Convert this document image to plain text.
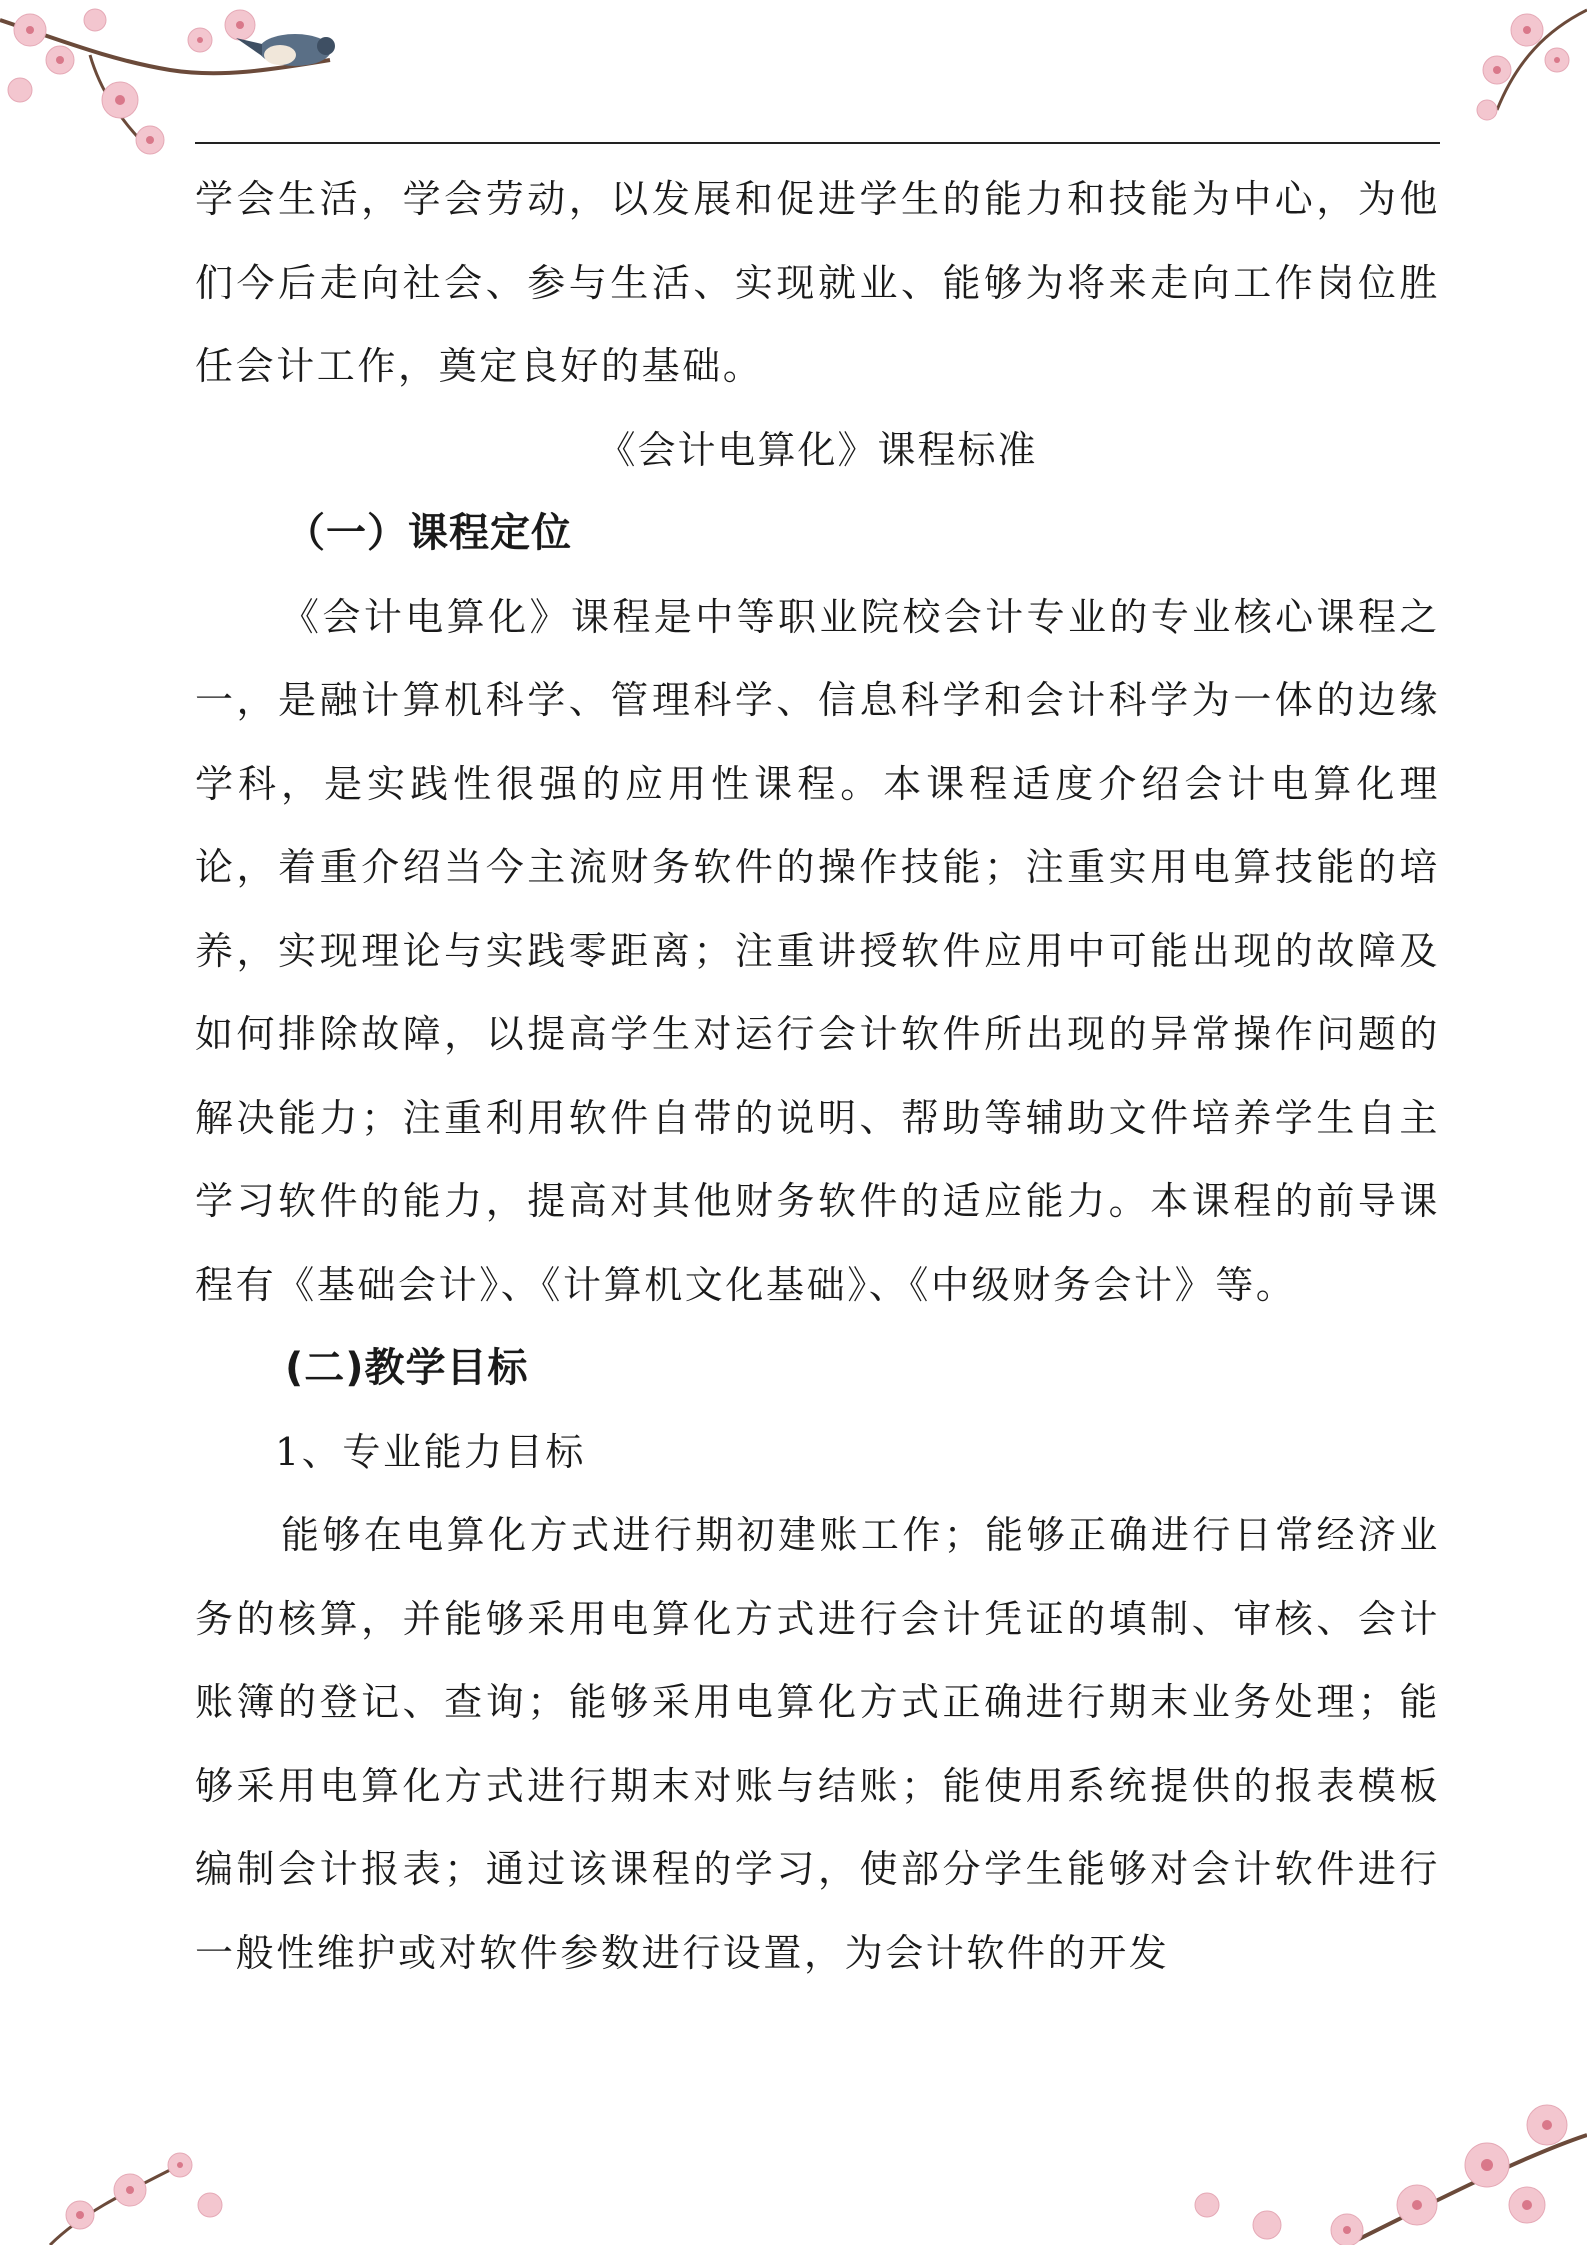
学会生活，学会劳动，以发展和促进学生的能力和技能为中心，为他们今后走向社会、参与生活、实现就业、能够为将来走向工作岗位胜任会计工作，奠定良好的基础。

《会计电算化》课程标准

（一）课程定位

《会计电算化》课程是中等职业院校会计专业的专业核心课程之一，是融计算机科学、管理科学、信息科学和会计科学为一体的边缘学科，是实践性很强的应用性课程。本课程适度介绍会计电算化理论，着重介绍当今主流财务软件的操作技能；注重实用电算技能的培养，实现理论与实践零距离；注重讲授软件应用中可能出现的故障及如何排除故障，以提高学生对运行会计软件所出现的异常操作问题的解决能力；注重利用软件自带的说明、帮助等辅助文件培养学生自主学习软件的能力，提高对其他财务软件的适应能力。本课程的前导课程有《基础会计》、《计算机文化基础》、《中级财务会计》等。

(二)教学目标

1、专业能力目标

能够在电算化方式进行期初建账工作；能够正确进行日常经济业务的核算，并能够采用电算化方式进行会计凭证的填制、审核、会计账簿的登记、查询；能够采用电算化方式正确进行期末业务处理；能够采用电算化方式进行期末对账与结账；能使用系统提供的报表模板编制会计报表；通过该课程的学习，使部分学生能够对会计软件进行一般性维护或对软件参数进行设置，为会计软件的开发
